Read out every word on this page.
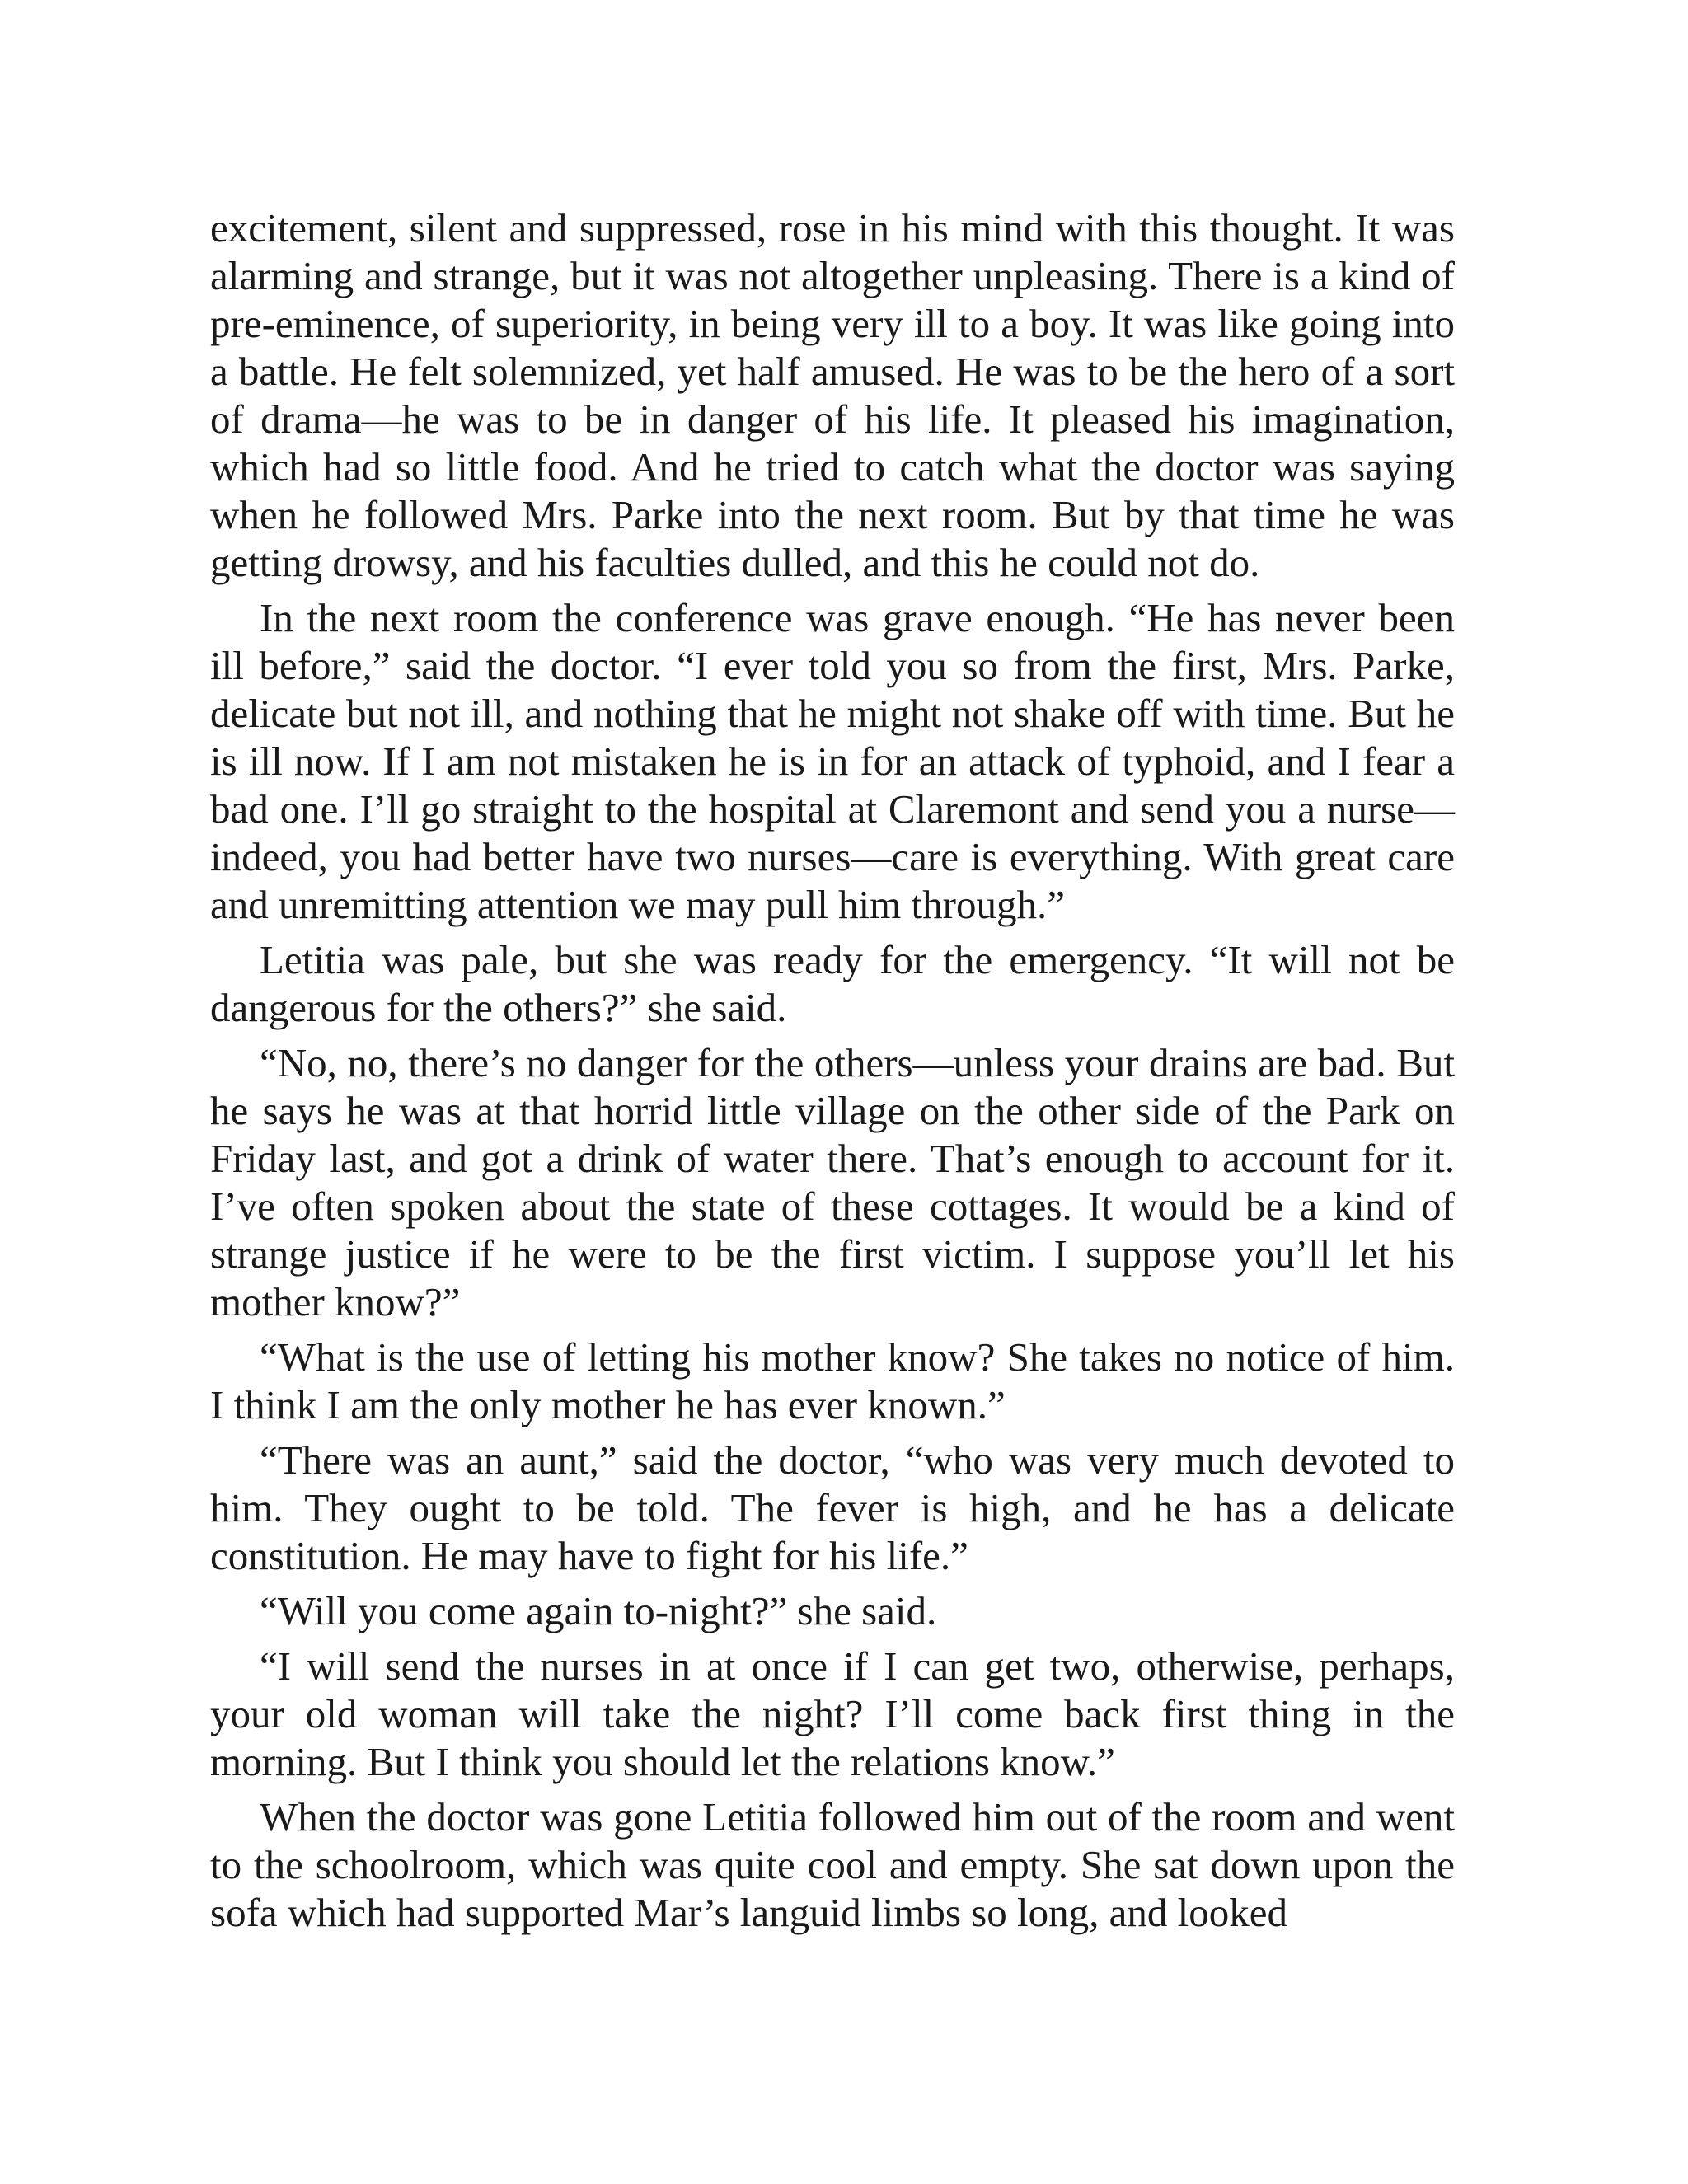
excitement, silent and suppressed, rose in his mind with this thought. It was alarming and strange, but it was not altogether unpleasing. There is a kind of pre-eminence, of superiority, in being very ill to a boy. It was like going into a battle. He felt solemnized, yet half amused. He was to be the hero of a sort of drama—he was to be in danger of his life. It pleased his imagination, which had so little food. And he tried to catch what the doctor was saying when he followed Mrs. Parke into the next room. But by that time he was getting drowsy, and his faculties dulled, and this he could not do.

In the next room the conference was grave enough. “He has never been ill before,” said the doctor. “I ever told you so from the first, Mrs. Parke, delicate but not ill, and nothing that he might not shake off with time. But he is ill now. If I am not mistaken he is in for an attack of typhoid, and I fear a bad one. I’ll go straight to the hospital at Claremont and send you a nurse—indeed, you had better have two nurses—care is everything. With great care and unremitting attention we may pull him through.”

Letitia was pale, but she was ready for the emergency. “It will not be dangerous for the others?” she said.

“No, no, there’s no danger for the others—unless your drains are bad. But he says he was at that horrid little village on the other side of the Park on Friday last, and got a drink of water there. That’s enough to account for it. I’ve often spoken about the state of these cottages. It would be a kind of strange justice if he were to be the first victim. I suppose you’ll let his mother know?”

“What is the use of letting his mother know? She takes no notice of him. I think I am the only mother he has ever known.”

“There was an aunt,” said the doctor, “who was very much devoted to him. They ought to be told. The fever is high, and he has a delicate constitution. He may have to fight for his life.”

“Will you come again to-night?” she said.

“I will send the nurses in at once if I can get two, otherwise, perhaps, your old woman will take the night? I’ll come back first thing in the morning. But I think you should let the relations know.”

When the doctor was gone Letitia followed him out of the room and went to the schoolroom, which was quite cool and empty. She sat down upon the sofa which had supported Mar’s languid limbs so long, and looked
